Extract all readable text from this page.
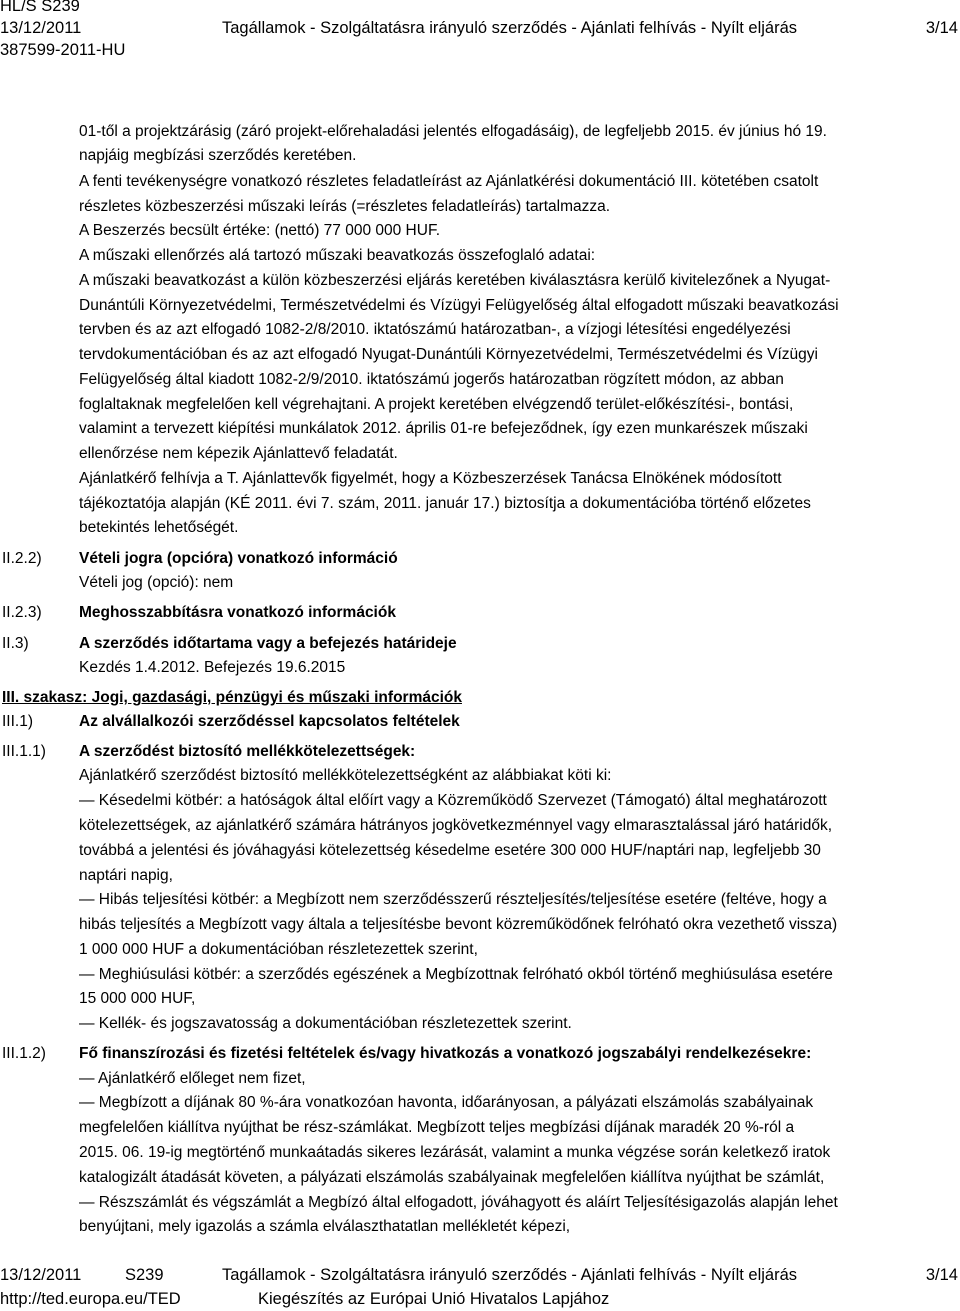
HL/S S239
13/12/2011	Tagállamok - Szolgáltatásra irányuló szerződés - Ajánlati felhívás - Nyílt eljárás	3/14
387599-2011-HU
01-től a projektzárásig (záró projekt-előrehaladási jelentés elfogadásáig), de legfeljebb 2015. év június hó 19.
napjáig megbízási szerződés keretében.
A fenti tevékenységre vonatkozó részletes feladatleírást az Ajánlatkérési dokumentáció III. kötetében csatolt
részletes közbeszerzési műszaki leírás (=részletes feladatleírás) tartalmazza.
A Beszerzés becsült értéke: (nettó) 77 000 000 HUF.
A műszaki ellenőrzés alá tartozó műszaki beavatkozás összefoglaló adatai:
A műszaki beavatkozást a külön közbeszerzési eljárás keretében kiválasztásra kerülő kivitelezőnek a Nyugat-
Dunántúli Környezetvédelmi, Természetvédelmi és Vízügyi Felügyelőség által elfogadott műszaki beavatkozási
tervben és az azt elfogadó 1082-2/8/2010. iktatószámú határozatban-, a vízjogi létesítési engedélyezési
tervdokumentációban és az azt elfogadó Nyugat-Dunántúli Környezetvédelmi, Természetvédelmi és Vízügyi
Felügyelőség által kiadott 1082-2/9/2010. iktatószámú jogerős határozatban rögzített módon, az abban
foglaltaknak megfelelően kell végrehajtani. A projekt keretében elvégzendő terület-előkészítési-, bontási,
valamint a tervezett kiépítési munkálatok 2012. április 01-re befejeződnek, így ezen munkarészek műszaki
ellenőrzése nem képezik Ajánlattevő feladatát.
Ajánlatkérő felhívja a T. Ajánlattevők figyelmét, hogy a Közbeszerzések Tanácsa Elnökének módosított
tájékoztatója alapján (KÉ 2011. évi 7. szám, 2011. január 17.) biztosítja a dokumentációba történő előzetes
betekintés lehetőségét.
II.2.2) Vételi jogra (opcióra) vonatkozó információ
Vételi jog (opció): nem
II.2.3) Meghosszabbításra vonatkozó információk
II.3)	A szerződés időtartama vagy a befejezés határideje
Kezdés 1.4.2012. Befejezés 19.6.2015
III. szakasz: Jogi, gazdasági, pénzügyi és műszaki információk
III.1)	Az alvállalkozói szerződéssel kapcsolatos feltételek
III.1.1) A szerződést biztosító mellékkötelezettségek:
Ajánlatkérő szerződést biztosító mellékkötelezettségként az alábbiakat köti ki:
— Késedelmi kötbér: a hatóságok által előírt vagy a Közreműködő Szervezet (Támogató) által meghatározott
kötelezettségek, az ajánlatkérő számára hátrányos jogkövetkezménnyel vagy elmarasztalással járó határidők,
továbbá a jelentési és jóváhagyási kötelezettség késedelme esetére 300 000 HUF/naptári nap, legfeljebb 30
naptári napig,
— Hibás teljesítési kötbér: a Megbízott nem szerződésszerű részteljesítés/teljesítése esetére (feltéve, hogy a
hibás teljesítés a Megbízott vagy általa a teljesítésbe bevont közreműködőnek felróható okra vezethető vissza)
1 000 000 HUF a dokumentációban részletezettek szerint,
— Meghiúsulási kötbér: a szerződés egészének a Megbízottnak felróható okból történő meghiúsulása esetére
15 000 000 HUF,
— Kellék- és jogszavatosság a dokumentációban részletezettek szerint.
III.1.2) Fő finanszírozási és fizetési feltételek és/vagy hivatkozás a vonatkozó jogszabályi rendelkezésekre:
— Ajánlatkérő előleget nem fizet,
— Megbízott a díjának 80 %-ára vonatkozóan havonta, időarányosan, a pályázati elszámolás szabályainak
megfelelően kiállítva nyújthat be rész-számlákat. Megbízott teljes megbízási díjának maradék 20 %-ról a
2015. 06. 19-ig megtörténő munkaátadás sikeres lezárását, valamint a munka végzése során keletkező iratok
katalogizált átadását követen, a pályázati elszámolás szabályainak megfelelően kiállítva nyújthat be számlát,
— Részszámlát és végszámlát a Megbízó által elfogadott, jóváhagyott és aláírt Teljesítésigazolás alapján lehet
benyújtani, mely igazolás a számla elválaszthatatlan mellékletét képezi,
13/12/2011	S239	Tagállamok - Szolgáltatásra irányuló szerződés - Ajánlati felhívás - Nyílt eljárás	3/14
http://ted.europa.eu/TED	Kiegészítés az Európai Unió Hivatalos Lapjához
